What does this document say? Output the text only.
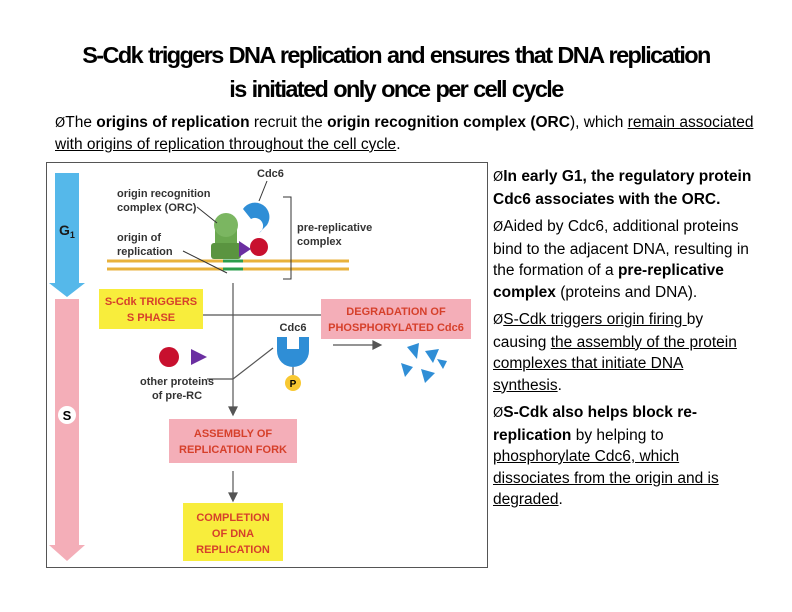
S-Cdk triggers DNA replication and ensures that DNA replication
is initiated only once per cell cycle
ØThe origins of replication recruit the origin recognition complex (ORC), which remain associated with origins of replication throughout the cell cycle.
$G_1$
S
Cdc6
origin recognition
complex (ORC)
origin of
replication
pre-replicative
complex
S-Cdk TRIGGERS
S PHASE	DEGRADATION OF
PHOSPHORYLATED Cdc6
Cdc6
P
other proteins
of pre-RC
ASSEMBLY OF
REPLICATION FORK
COMPLETION
OF DNA
REPLICATION

ØIn early G1, the regulatory protein Cdc6 associates with the ORC.

ØAided by Cdc6, additional proteins bind to the adjacent DNA, resulting in the formation of a pre-replicative complex (proteins and DNA).

ØS-Cdk triggers origin firing by causing the assembly of the protein complexes that initiate DNA synthesis.

ØS-Cdk also helps block re-replication by helping to phosphorylate Cdc6, which dissociates from the origin and is degraded.
